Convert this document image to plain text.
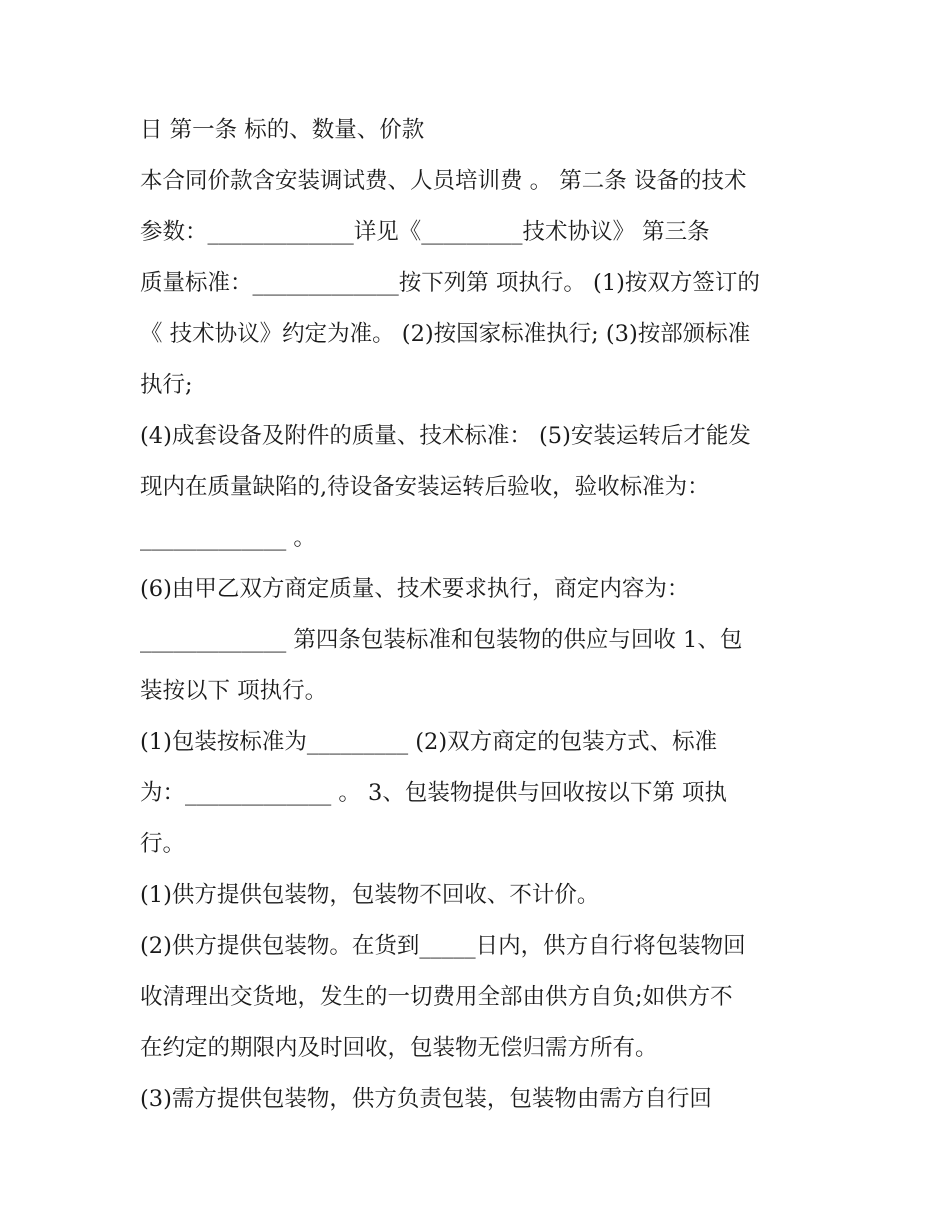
日 第一条 标的、数量、价款
本合同价款含安装调试费、人员培训费 。 第二条 设备的技术
参数：_____________详见《_________技术协议》 第三条
质量标准：_____________按下列第 项执行。 (1)按双方签订的
《 技术协议》约定为准。 (2)按国家标准执行; (3)按部颁标准
执行;
(4)成套设备及附件的质量、技术标准： (5)安装运转后才能发
现内在质量缺陷的,待设备安装运转后验收，验收标准为：
_____________ 。
(6)由甲乙双方商定质量、技术要求执行，商定内容为：
_____________ 第四条包装标准和包装物的供应与回收 1、包
装按以下 项执行。
(1)包装按标准为_________ (2)双方商定的包装方式、标准
为：_____________ 。 3、包装物提供与回收按以下第 项执
行。
(1)供方提供包装物，包装物不回收、不计价。
(2)供方提供包装物。在货到_____日内，供方自行将包装物回
收清理出交货地，发生的一切费用全部由供方自负;如供方不
在约定的期限内及时回收，包装物无偿归需方所有。
(3)需方提供包装物，供方负责包装，包装物由需方自行回
